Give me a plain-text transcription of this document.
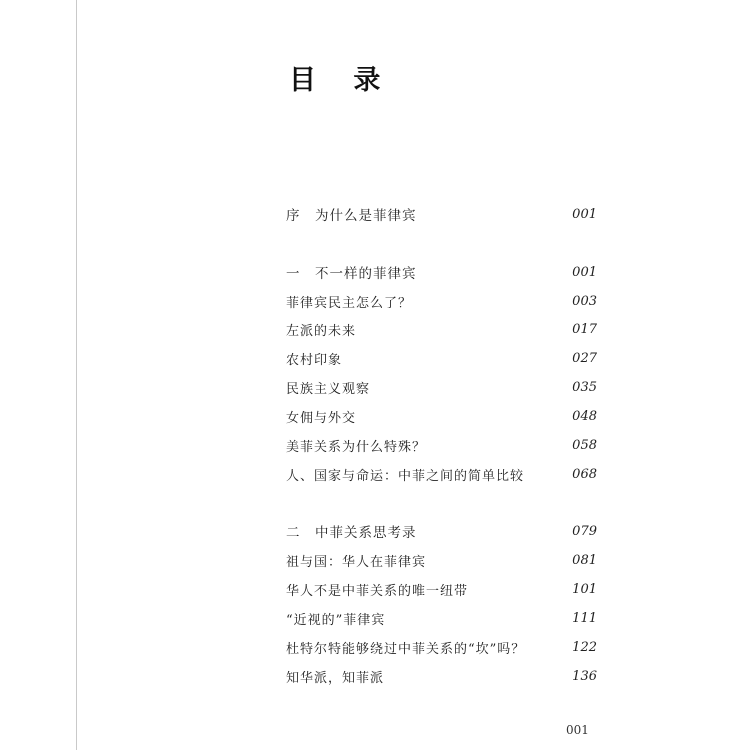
目 录
序　为什么是菲律宾	001
一　不一样的菲律宾	001
菲律宾民主怎么了？	003
左派的未来	017
农村印象	027
民族主义观察	035
女佣与外交	048
美菲关系为什么特殊？	058
人、国家与命运：中菲之间的简单比较	068
二　中菲关系思考录	079
祖与国：华人在菲律宾	081
华人不是中菲关系的唯一纽带	101
“近视的”菲律宾	111
杜特尔特能够绕过中菲关系的“坎”吗？	122
知华派，知菲派	136
001
